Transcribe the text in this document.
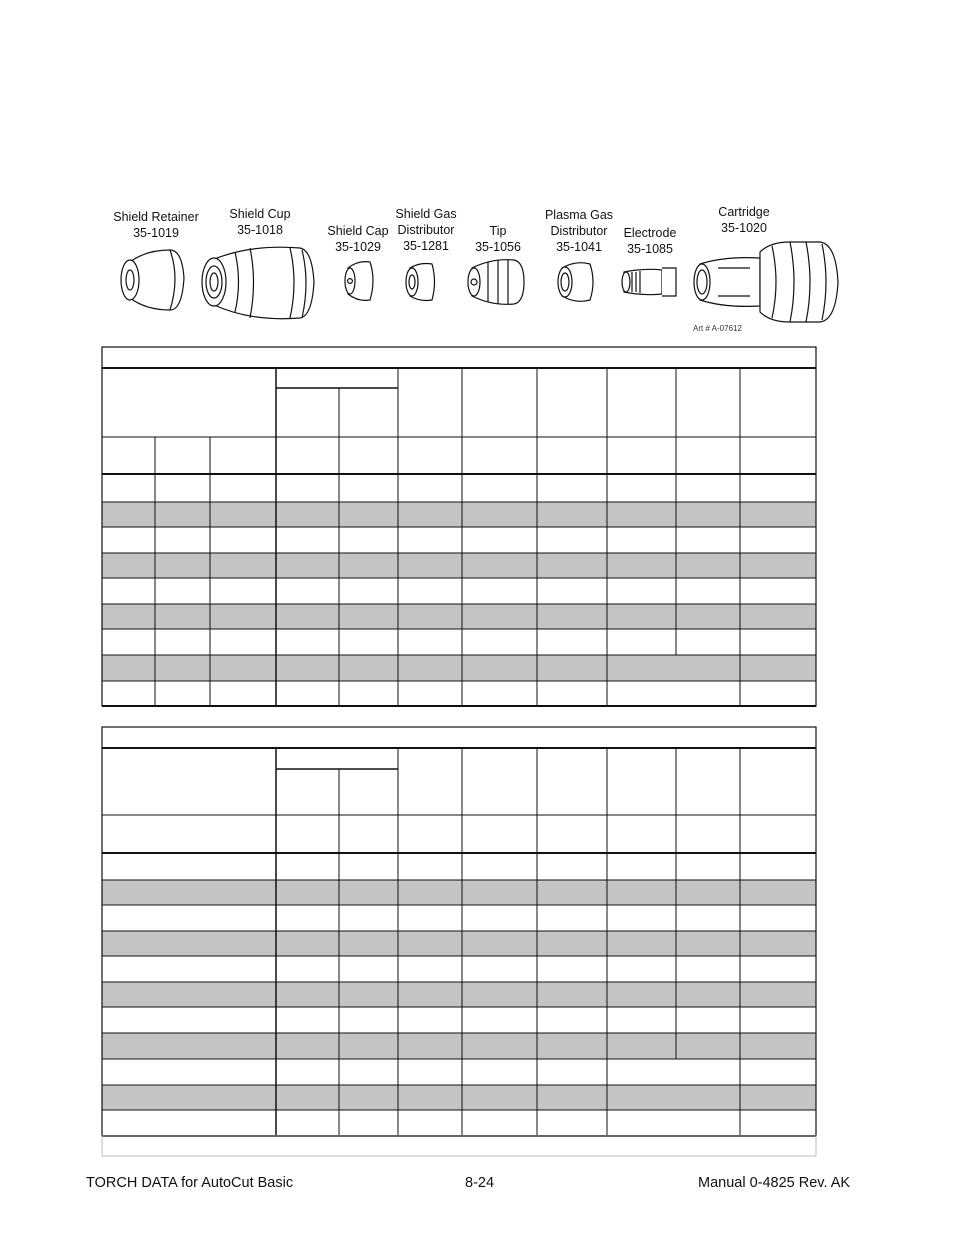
Shield Retainer
35-1019
Shield Cup
35-1018	Shield Cap
35-1029
Shield Gas
Distributor
35-1281
Tip
35-1056
Plasma Gas
Distributor
35-1041
Electrode
35-1085
Cartridge
35-1020
Art # A-07612
TORCH DATA for AutoCut Basic	8-24	Manual 0-4825 Rev. AK
